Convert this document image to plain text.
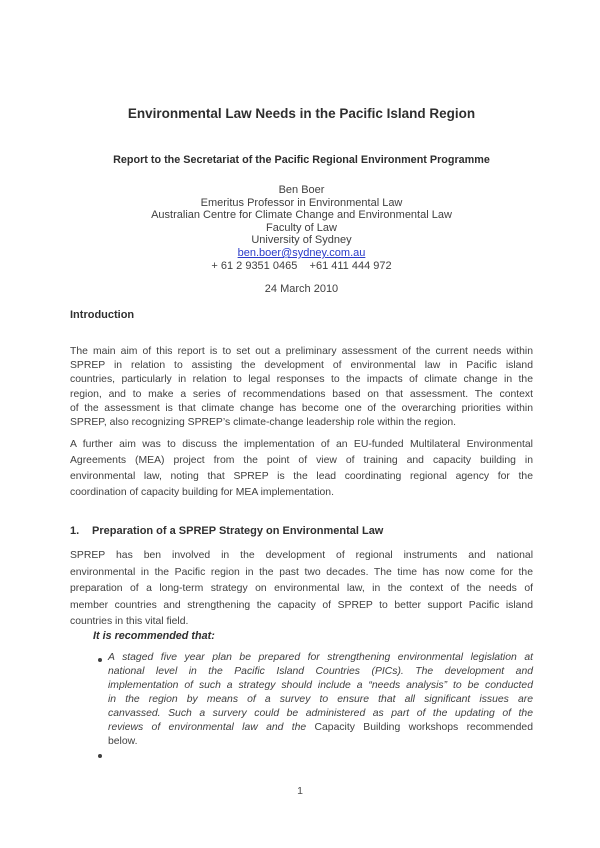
Environmental Law Needs in the Pacific Island Region
Report to the Secretariat of the Pacific Regional Environment Programme
Ben Boer
Emeritus Professor in Environmental Law
Australian Centre for Climate Change and Environmental Law
Faculty of Law
University of Sydney
ben.boer@sydney.com.au
+ 61 2 9351 0465    +61 411 444 972
24 March 2010
Introduction
The main aim of this report is to set out a preliminary assessment of the current needs within
SPREP in relation to assisting the development of environmental law in Pacific island
countries, particularly in relation to legal responses to the impacts of climate change in the
region, and to make a series of recommendations based on that assessment. The context
of the assessment is that climate change has become one of the overarching priorities within
SPREP, also recognizing SPREP’s climate-change leadership role within the region.
A further aim was to discuss the implementation of an EU-funded Multilateral Environmental
Agreements (MEA) project from the point of view of training and capacity building in
environmental law, noting that SPREP is the lead coordinating regional agency for the
coordination of capacity building for MEA implementation.
1.	Preparation of a SPREP Strategy on Environmental Law
SPREP has ben involved in the development of regional instruments and national
environmental in the Pacific region in the past two decades. The time has now come for the
preparation of a long-term strategy on environmental law, in the context of the needs of
member countries and strengthening the capacity of SPREP to better support Pacific island
countries in this vital field.
It is recommended that:
A staged five year plan be prepared for strengthening environmental legislation at
national level in the Pacific Island Countries (PICs). The development and
implementation of such a strategy should include a “needs analysis” to be conducted
in the region by means of a survey to ensure that all significant issues are
canvassed. Such a survery could be administered as part of the updating of the
reviews of environmental law and the Capacity Building workshops recommended
below.
1
